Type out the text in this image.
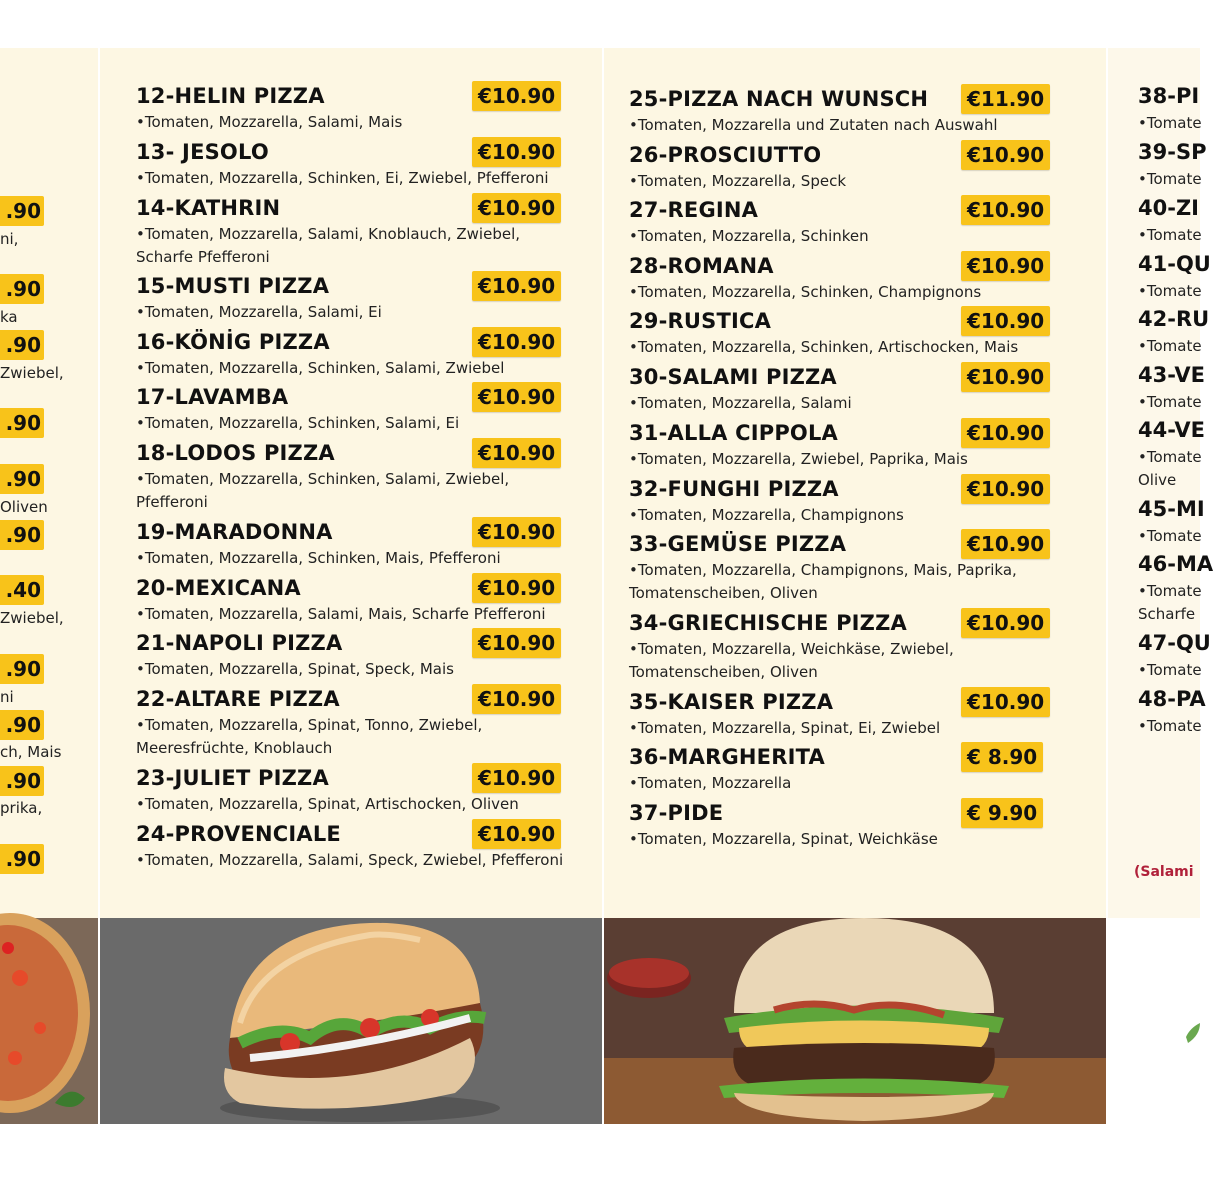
.90
ni,
.90
ka
.90
Zwiebel,
.90
.90
Oliven
.90
.40
Zwiebel,
.90
ni
.90
ch, Mais
.90
prika,
.90
12-HELIN PIZZA	€10.90
• Tomaten, Mozzarella, Salami, Mais
13- JESOLO	€10.90
• Tomaten, Mozzarella, Schinken, Ei, Zwiebel, Pfefferoni
14-KATHRIN	€10.90
• Tomaten, Mozzarella, Salami, Knoblauch, Zwiebel, Scharfe Pfefferoni
15-MUSTI PIZZA	€10.90
• Tomaten, Mozzarella, Salami, Ei
16-KÖNİG PIZZA	€10.90
• Tomaten, Mozzarella, Schinken, Salami, Zwiebel
17-LAVAMBA	€10.90
• Tomaten, Mozzarella, Schinken, Salami, Ei
18-LODOS PIZZA	€10.90
• Tomaten, Mozzarella, Schinken, Salami, Zwiebel, Pfefferoni
19-MARADONNA	€10.90
• Tomaten, Mozzarella, Schinken, Mais, Pfefferoni
20-MEXICANA	€10.90
• Tomaten, Mozzarella, Salami, Mais, Scharfe Pfefferoni
21-NAPOLI PIZZA	€10.90
• Tomaten, Mozzarella, Spinat, Speck, Mais
22-ALTARE PIZZA	€10.90
• Tomaten, Mozzarella, Spinat, Tonno, Zwiebel, Meeresfrüchte, Knoblauch
23-JULIET PIZZA	€10.90
• Tomaten, Mozzarella, Spinat, Artischocken, Oliven
24-PROVENCIALE	€10.90
• Tomaten, Mozzarella, Salami, Speck, Zwiebel, Pfefferoni
25-PIZZA NACH WUNSCH	€11.90
• Tomaten, Mozzarella und Zutaten nach Auswahl
26-PROSCIUTTO	€10.90
• Tomaten, Mozzarella, Speck
27-REGINA	€10.90
• Tomaten, Mozzarella, Schinken
28-ROMANA	€10.90
• Tomaten, Mozzarella, Schinken, Champignons
29-RUSTICA	€10.90
• Tomaten, Mozzarella, Schinken, Artischocken, Mais
30-SALAMI PIZZA	€10.90
• Tomaten, Mozzarella, Salami
31-ALLA CIPPOLA	€10.90
• Tomaten, Mozzarella, Zwiebel, Paprika, Mais
32-FUNGHI PIZZA	€10.90
• Tomaten, Mozzarella, Champignons
33-GEMÜSE PIZZA	€10.90
• Tomaten, Mozzarella, Champignons, Mais, Paprika, Tomatenscheiben, Oliven
34-GRIECHISCHE PIZZA	€10.90
• Tomaten, Mozzarella, Weichkäse, Zwiebel, Tomatenscheiben, Oliven
35-KAISER PIZZA	€10.90
• Tomaten, Mozzarella, Spinat, Ei, Zwiebel
36-MARGHERITA	€ 8.90
• Tomaten, Mozzarella
37-PIDE	€ 9.90
• Tomaten, Mozzarella, Spinat, Weichkäse
38-PI
•Tomate
39-SP
•Tomate
40-ZI
•Tomate
41-QU
•Tomate
42-RU
•Tomate
43-VE
•Tomate
44-VE
•Tomate
Olive
45-MI
•Tomate
46-MA
•Tomate
Scharfe
47-QU
•Tomate
48-PA
•Tomate
(Salami
